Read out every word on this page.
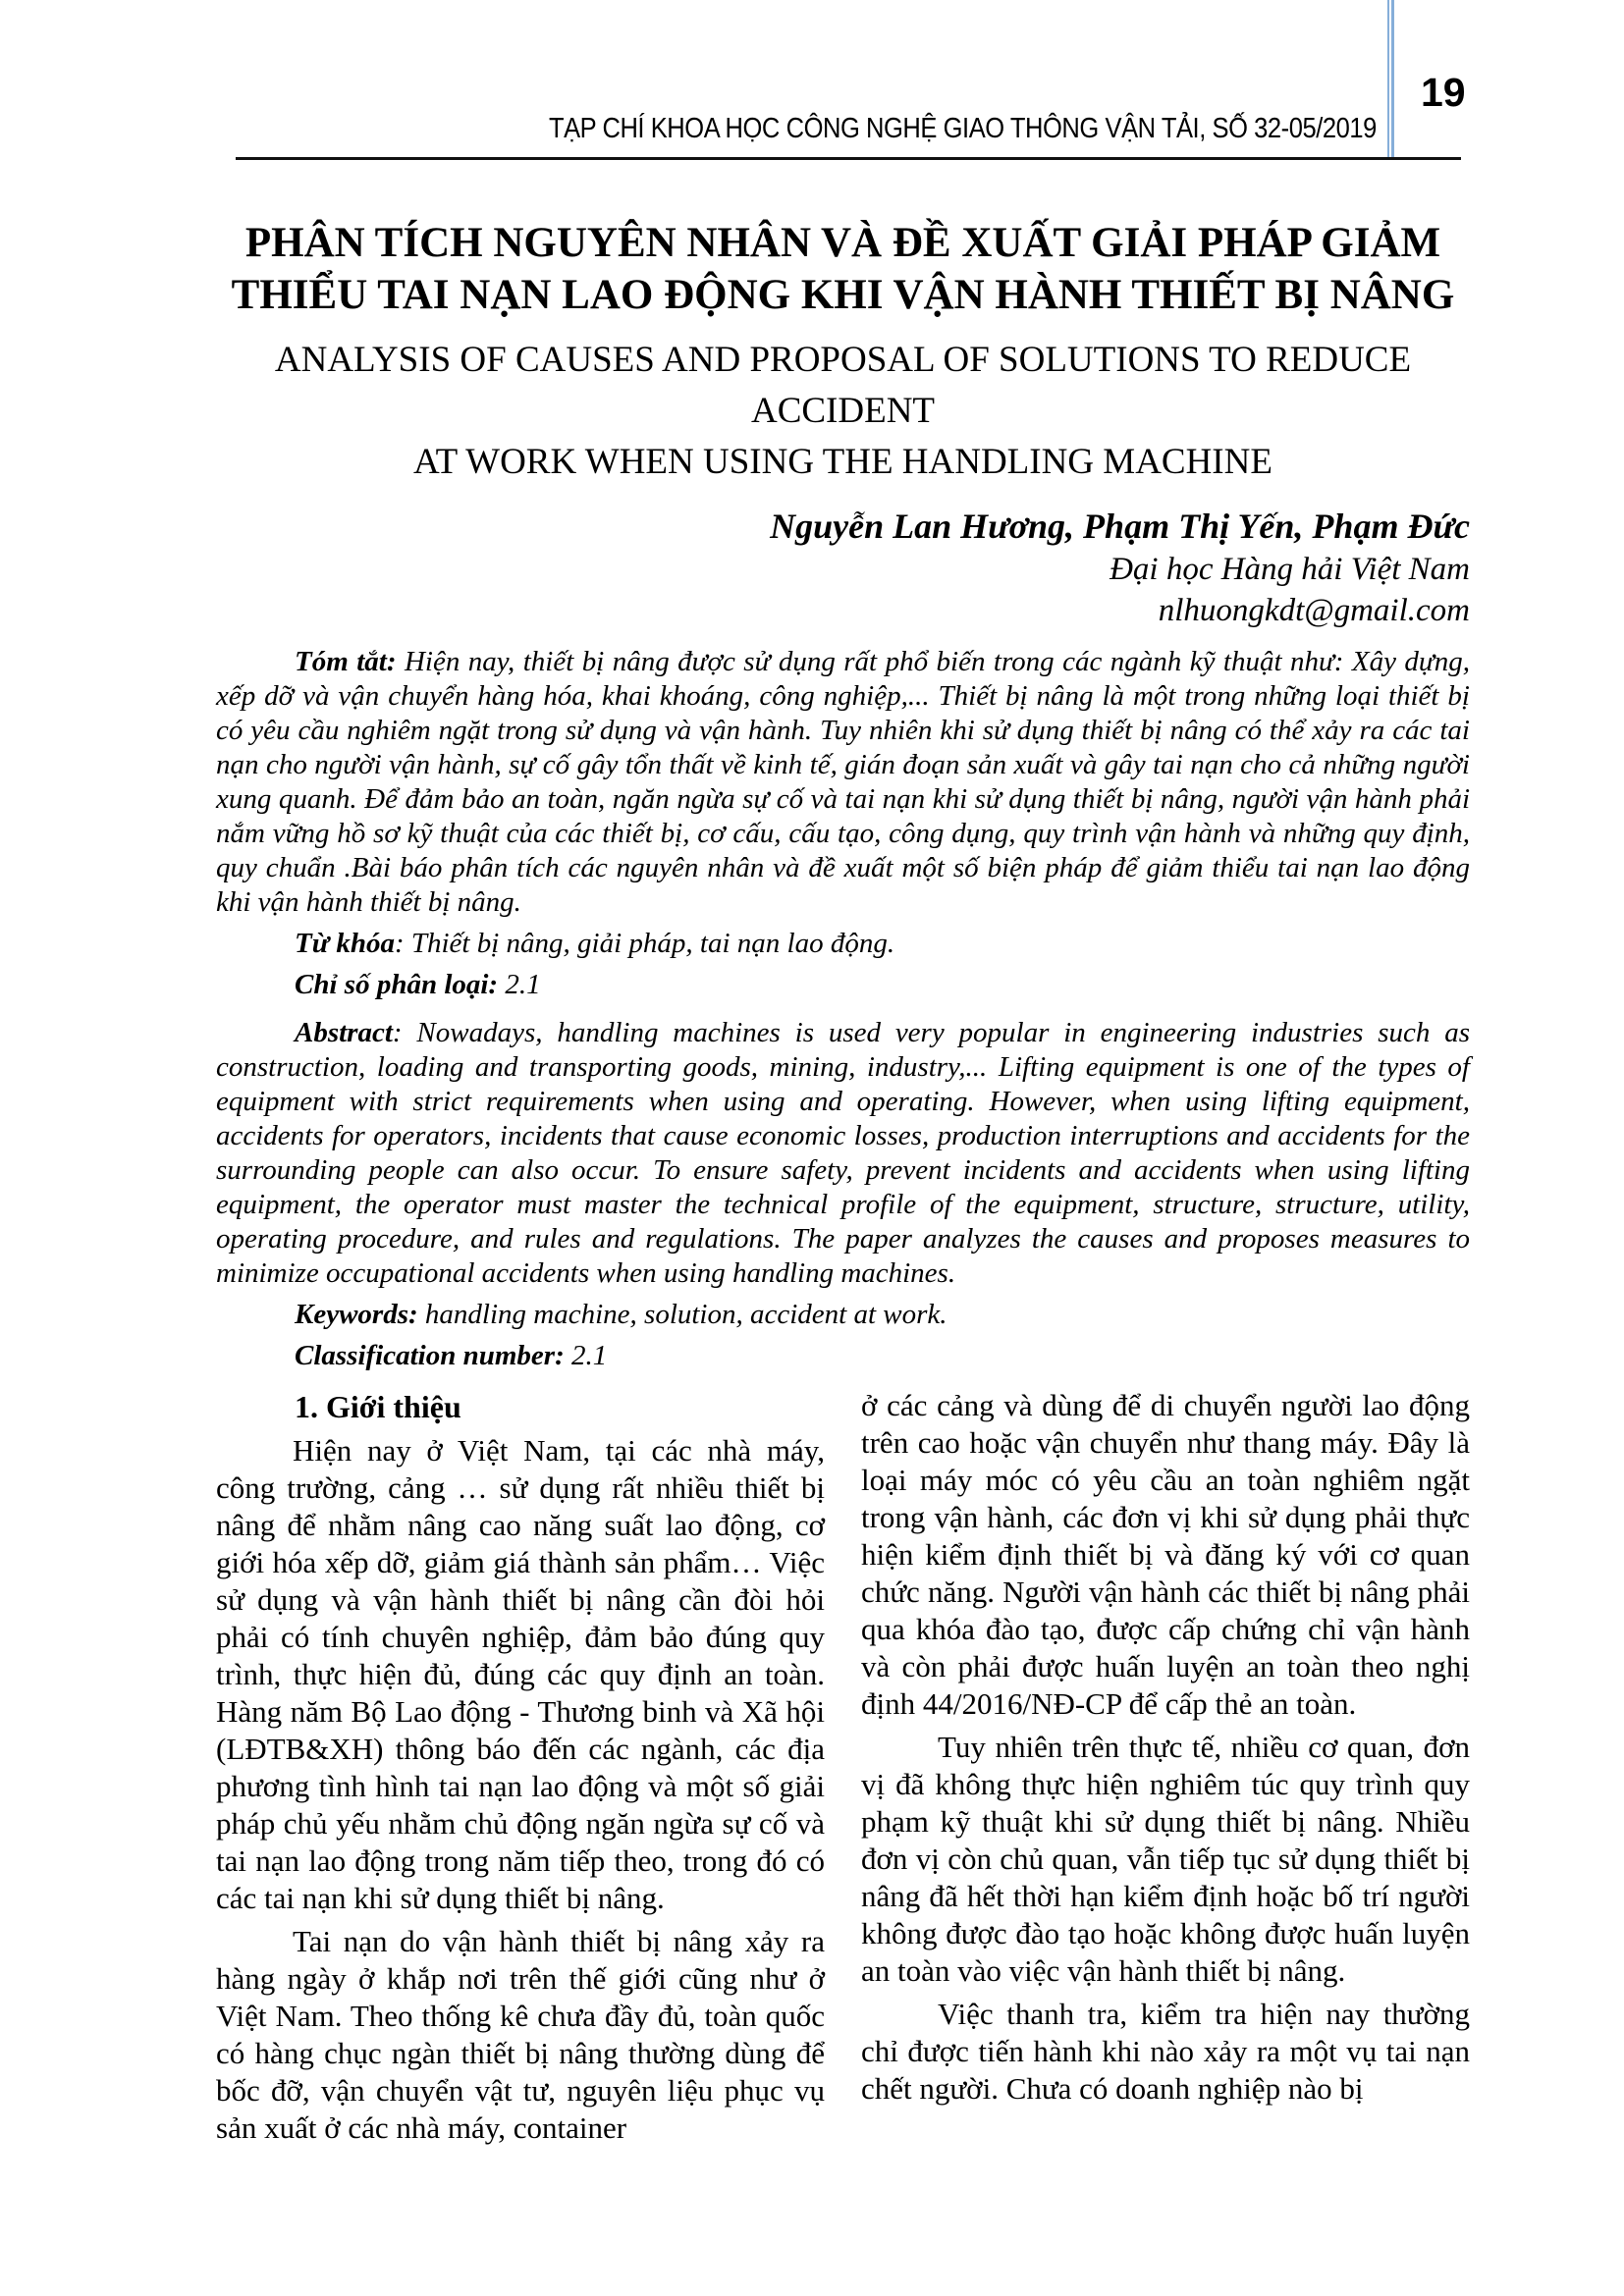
TẠP CHÍ KHOA HỌC CÔNG NGHỆ GIAO THÔNG VẬN TẢI, SỐ 32-05/2019
19
PHÂN TÍCH NGUYÊN NHÂN VÀ ĐỀ XUẤT GIẢI PHÁP GIẢM
THIỂU TAI NẠN LAO ĐỘNG KHI VẬN HÀNH THIẾT BỊ NÂNG
ANALYSIS OF CAUSES AND PROPOSAL OF SOLUTIONS TO REDUCE ACCIDENT
AT WORK WHEN USING THE HANDLING MACHINE
Nguyễn Lan Hương, Phạm Thị Yến, Phạm Đức
Đại học Hàng hải Việt Nam
nlhuongkdt@gmail.com

Tóm tắt: Hiện nay, thiết bị nâng được sử dụng rất phổ biến trong các ngành kỹ thuật như: Xây dựng, xếp dỡ và vận chuyển hàng hóa, khai khoáng, công nghiệp,... Thiết bị nâng là một trong những loại thiết bị có yêu cầu nghiêm ngặt trong sử dụng và vận hành. Tuy nhiên khi sử dụng thiết bị nâng có thể xảy ra các tai nạn cho người vận hành, sự cố gây tổn thất về kinh tế, gián đoạn sản xuất và gây tai nạn cho cả những người xung quanh. Để đảm bảo an toàn, ngăn ngừa sự cố và tai nạn khi sử dụng thiết bị nâng, người vận hành phải nắm vững hồ sơ kỹ thuật của các thiết bị, cơ cấu, cấu tạo, công dụng, quy trình vận hành và những quy định, quy chuẩn .Bài báo phân tích các nguyên nhân và đề xuất một số biện pháp để giảm thiểu tai nạn lao động khi vận hành thiết bị nâng.

Từ khóa: Thiết bị nâng, giải pháp, tai nạn lao động.

Chỉ số phân loại: 2.1

Abstract: Nowadays, handling machines is used very popular in engineering industries such as construction, loading and transporting goods, mining, industry,... Lifting equipment is one of the types of equipment with strict requirements when using and operating. However, when using lifting equipment, accidents for operators, incidents that cause economic losses, production interruptions and accidents for the surrounding people can also occur. To ensure safety, prevent incidents and accidents when using lifting equipment, the operator must master the technical profile of the equipment, structure, structure, utility, operating procedure, and rules and regulations. The paper analyzes the causes and proposes measures to minimize occupational accidents when using handling machines.

Keywords: handling machine, solution, accident at work.

Classification number: 2.1

1. Giới thiệu

Hiện nay ở Việt Nam, tại các nhà máy, công trường, cảng … sử dụng rất nhiều thiết bị nâng để nhằm nâng cao năng suất lao động, cơ giới hóa xếp dỡ, giảm giá thành sản phẩm… Việc sử dụng và vận hành thiết bị nâng cần đòi hỏi phải có tính chuyên nghiệp, đảm bảo đúng quy trình, thực hiện đủ, đúng các quy định an toàn. Hàng năm Bộ Lao động - Thương binh và Xã hội (LĐTB&XH) thông báo đến các ngành, các địa phương tình hình tai nạn lao động và một số giải pháp chủ yếu nhằm chủ động ngăn ngừa sự cố và tai nạn lao động trong năm tiếp theo, trong đó có các tai nạn khi sử dụng thiết bị nâng.

Tai nạn do vận hành thiết bị nâng xảy ra hàng ngày ở khắp nơi trên thế giới cũng như ở Việt Nam. Theo thống kê chưa đầy đủ, toàn quốc có hàng chục ngàn thiết bị nâng thường dùng để bốc đỡ, vận chuyển vật tư, nguyên liệu phục vụ sản xuất ở các nhà máy, container

ở các cảng và dùng để di chuyển người lao động trên cao hoặc vận chuyển như thang máy. Đây là loại máy móc có yêu cầu an toàn nghiêm ngặt trong vận hành, các đơn vị khi sử dụng phải thực hiện kiểm định thiết bị và đăng ký với cơ quan chức năng. Người vận hành các thiết bị nâng phải qua khóa đào tạo, được cấp chứng chỉ vận hành và còn phải được huấn luyện an toàn theo nghị định 44/2016/NĐ-CP để cấp thẻ an toàn.

Tuy nhiên trên thực tế, nhiều cơ quan, đơn vị đã không thực hiện nghiêm túc quy trình quy phạm kỹ thuật khi sử dụng thiết bị nâng. Nhiều đơn vị còn chủ quan, vẫn tiếp tục sử dụng thiết bị nâng đã hết thời hạn kiểm định hoặc bố trí người không được đào tạo hoặc không được huấn luyện an toàn vào việc vận hành thiết bị nâng.

Việc thanh tra, kiểm tra hiện nay thường chỉ được tiến hành khi nào xảy ra một vụ tai nạn chết người. Chưa có doanh nghiệp nào bị
